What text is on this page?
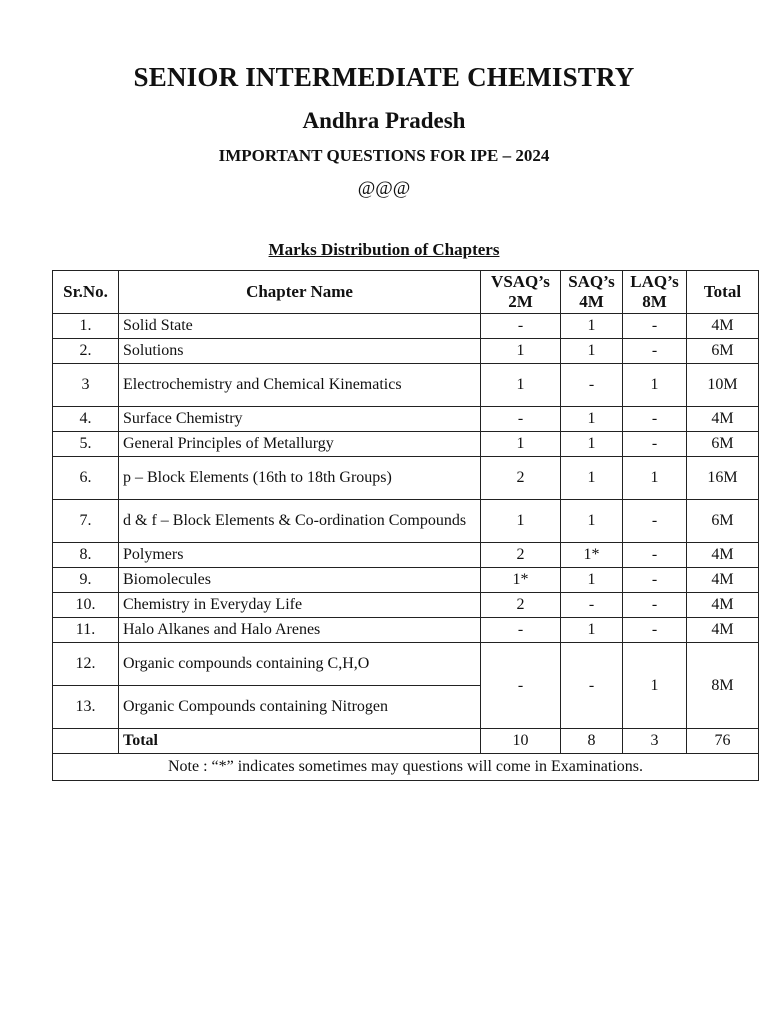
SENIOR INTERMEDIATE CHEMISTRY
Andhra Pradesh
IMPORTANT QUESTIONS FOR IPE – 2024
@@@
Marks Distribution of Chapters
Sr.No.	Chapter Name	VSAQ’s 2M	SAQ’s 4M	LAQ’s 8M	Total
1.	Solid State	-	1	-	4M
2.	Solutions	1	1	-	6M
3	Electrochemistry and Chemical Kinematics	1	-	1	10M
4.	Surface Chemistry	-	1	-	4M
5.	General Principles of Metallurgy	1	1	-	6M
6.	p – Block Elements (16th to 18th Groups)	2	1	1	16M
7.	d & f – Block Elements & Co-ordination Compounds	1	1	-	6M
8.	Polymers	2	1*	-	4M
9.	Biomolecules	1*	1	-	4M
10.	Chemistry in Everyday Life	2	-	-	4M
11.	Halo Alkanes and Halo Arenes	-	1	-	4M
12.	Organic compounds containing C,H,O	-	-	1	8M
13.	Organic Compounds containing Nitrogen				
	Total	10	8	3	76
Note : “*” indicates sometimes may questions will come in Examinations.					
